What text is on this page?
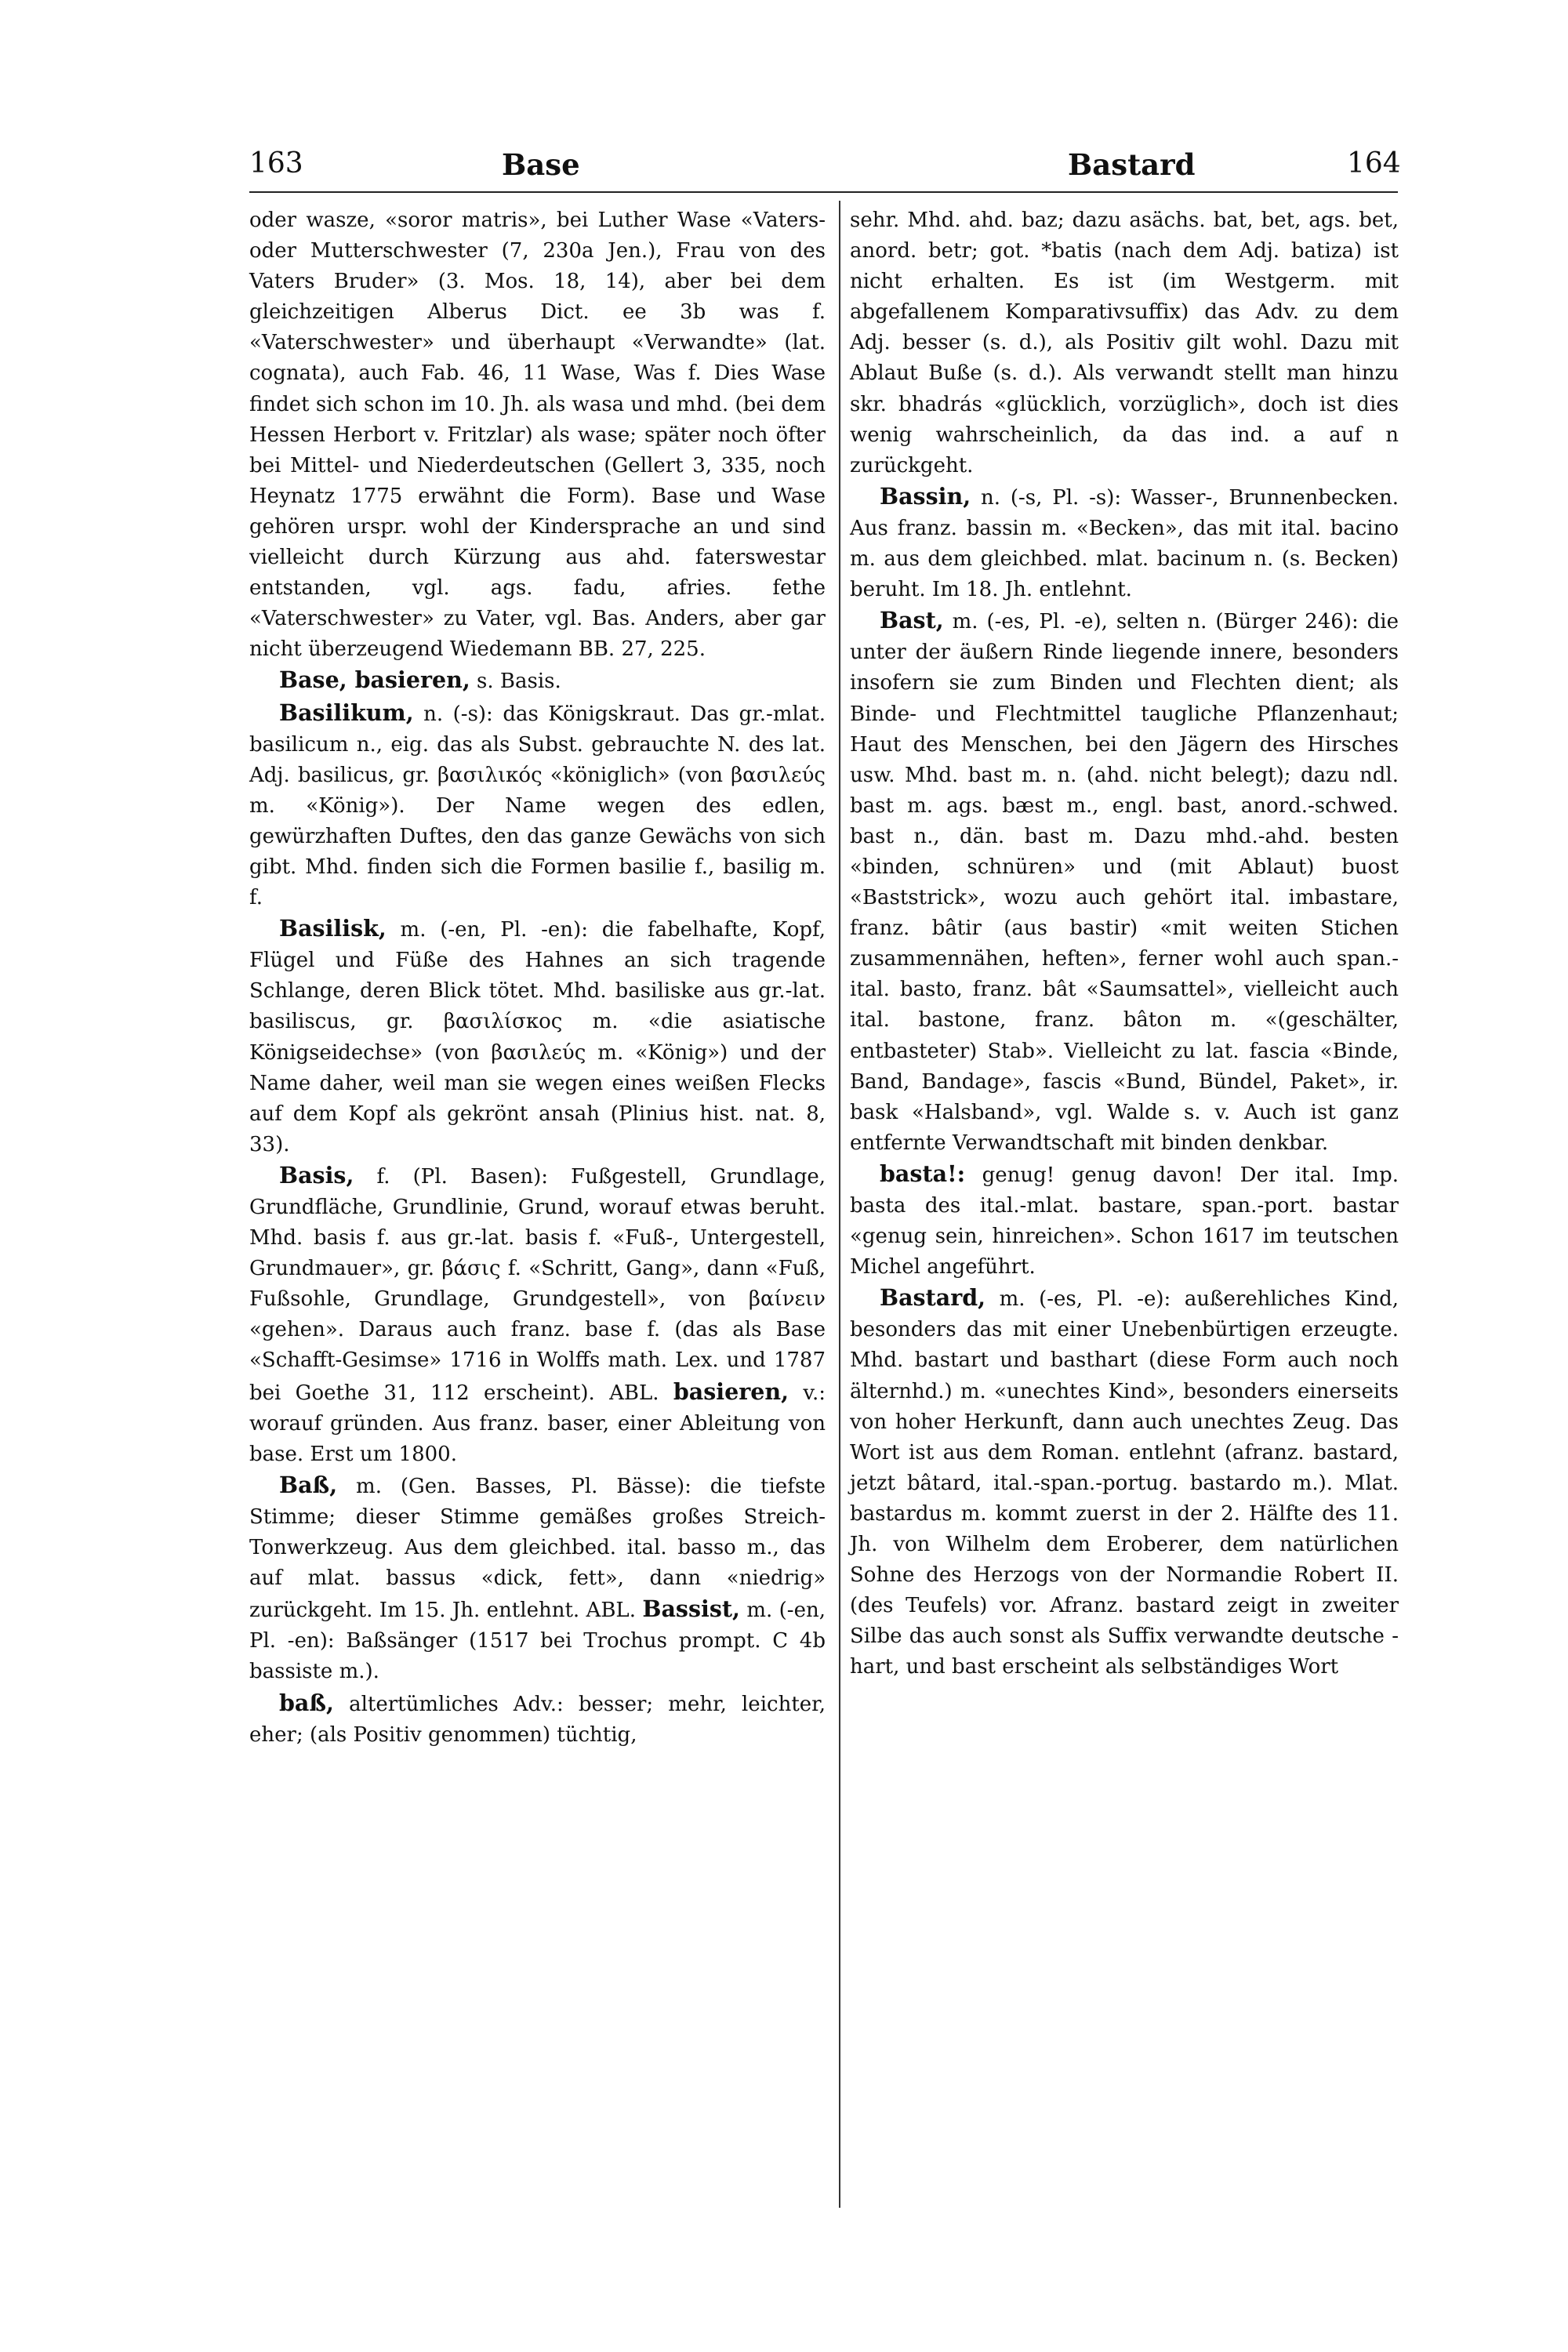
163	Base	Bastard	164

oder wasze, «soror matris», bei Luther Wase «Vaters- oder Mutterschwester (7, 230a Jen.), Frau von des Vaters Bruder» (3. Mos. 18, 14), aber bei dem gleichzeitigen Alberus Dict. ee 3b was f. «Vaterschwester» und überhaupt «Verwandte» (lat. cognata), auch Fab. 46, 11 Wase, Was f. Dies Wase findet sich schon im 10. Jh. als wasa und mhd. (bei dem Hessen Herbort v. Fritzlar) als wase; später noch öfter bei Mittel- und Niederdeutschen (Gellert 3, 335, noch Heynatz 1775 erwähnt die Form). Base und Wase gehören urspr. wohl der Kindersprache an und sind vielleicht durch Kürzung aus ahd. faterswestar entstanden, vgl. ags. fadu, afries. fethe «Vaterschwester» zu Vater, vgl. Bas. Anders, aber gar nicht überzeugend Wiedemann BB. 27, 225.

Base, basieren, s. Basis.

Basilikum, n. (-s): das Königskraut. Das gr.-mlat. basilicum n., eig. das als Subst. gebrauchte N. des lat. Adj. basilicus, gr. βασιλικός «königlich» (von βασιλεύς m. «König»). Der Name wegen des edlen, gewürzhaften Duftes, den das ganze Gewächs von sich gibt. Mhd. finden sich die Formen basilie f., basilig m. f.

Basilisk, m. (-en, Pl. -en): die fabelhafte, Kopf, Flügel und Füße des Hahnes an sich tragende Schlange, deren Blick tötet. Mhd. basiliske aus gr.-lat. basiliscus, gr. βασιλίσκος m. «die asiatische Königseidechse» (von βασιλεύς m. «König») und der Name daher, weil man sie wegen eines weißen Flecks auf dem Kopf als gekrönt ansah (Plinius hist. nat. 8, 33).

Basis, f. (Pl. Basen): Fußgestell, Grundlage, Grundfläche, Grundlinie, Grund, worauf etwas beruht. Mhd. basis f. aus gr.-lat. basis f. «Fuß-, Untergestell, Grundmauer», gr. βάσις f. «Schritt, Gang», dann «Fuß, Fußsohle, Grundlage, Grundgestell», von βαίνειν «gehen». Daraus auch franz. base f. (das als Base «Schafft-Gesimse» 1716 in Wolffs math. Lex. und 1787 bei Goethe 31, 112 erscheint). ABL. basieren, v.: worauf gründen. Aus franz. baser, einer Ableitung von base. Erst um 1800.

Baß, m. (Gen. Basses, Pl. Bässe): die tiefste Stimme; dieser Stimme gemäßes großes Streich-Tonwerkzeug. Aus dem gleichbed. ital. basso m., das auf mlat. bassus «dick, fett», dann «niedrig» zurückgeht. Im 15. Jh. entlehnt. ABL. Bassist, m. (-en, Pl. -en): Baßsänger (1517 bei Trochus prompt. C 4b bassiste m.).

baß, altertümliches Adv.: besser; mehr, leichter, eher; (als Positiv genommen) tüchtig,

sehr. Mhd. ahd. baz; dazu asächs. bat, bet, ags. bet, anord. betr; got. *batis (nach dem Adj. batiza) ist nicht erhalten. Es ist (im Westgerm. mit abgefallenem Komparativsuffix) das Adv. zu dem Adj. besser (s. d.), als Positiv gilt wohl. Dazu mit Ablaut Buße (s. d.). Als verwandt stellt man hinzu skr. bhadrás «glücklich, vorzüglich», doch ist dies wenig wahrscheinlich, da das ind. a auf n zurückgeht.

Bassin, n. (-s, Pl. -s): Wasser-, Brunnenbecken. Aus franz. bassin m. «Becken», das mit ital. bacino m. aus dem gleichbed. mlat. bacinum n. (s. Becken) beruht. Im 18. Jh. entlehnt.

Bast, m. (-es, Pl. -e), selten n. (Bürger 246): die unter der äußern Rinde liegende innere, besonders insofern sie zum Binden und Flechten dient; als Binde- und Flechtmittel taugliche Pflanzenhaut; Haut des Menschen, bei den Jägern des Hirsches usw. Mhd. bast m. n. (ahd. nicht belegt); dazu ndl. bast m. ags. bæst m., engl. bast, anord.-schwed. bast n., dän. bast m. Dazu mhd.-ahd. besten «binden, schnüren» und (mit Ablaut) buost «Baststrick», wozu auch gehört ital. imbastare, franz. bâtir (aus bastir) «mit weiten Stichen zusammennähen, heften», ferner wohl auch span.-ital. basto, franz. bât «Saumsattel», vielleicht auch ital. bastone, franz. bâton m. «(geschälter, entbasteter) Stab». Vielleicht zu lat. fascia «Binde, Band, Bandage», fascis «Bund, Bündel, Paket», ir. bask «Halsband», vgl. Walde s. v. Auch ist ganz entfernte Verwandtschaft mit binden denkbar.

basta!: genug! genug davon! Der ital. Imp. basta des ital.-mlat. bastare, span.-port. bastar «genug sein, hinreichen». Schon 1617 im teutschen Michel angeführt.

Bastard, m. (-es, Pl. -e): außerehliches Kind, besonders das mit einer Unebenbürtigen erzeugte. Mhd. bastart und basthart (diese Form auch noch älternhd.) m. «unechtes Kind», besonders einerseits von hoher Herkunft, dann auch unechtes Zeug. Das Wort ist aus dem Roman. entlehnt (afranz. bastard, jetzt bâtard, ital.-span.-portug. bastardo m.). Mlat. bastardus m. kommt zuerst in der 2. Hälfte des 11. Jh. von Wilhelm dem Eroberer, dem natürlichen Sohne des Herzogs von der Normandie Robert II. (des Teufels) vor. Afranz. bastard zeigt in zweiter Silbe das auch sonst als Suffix verwandte deutsche -hart, und bast erscheint als selbständiges Wort
